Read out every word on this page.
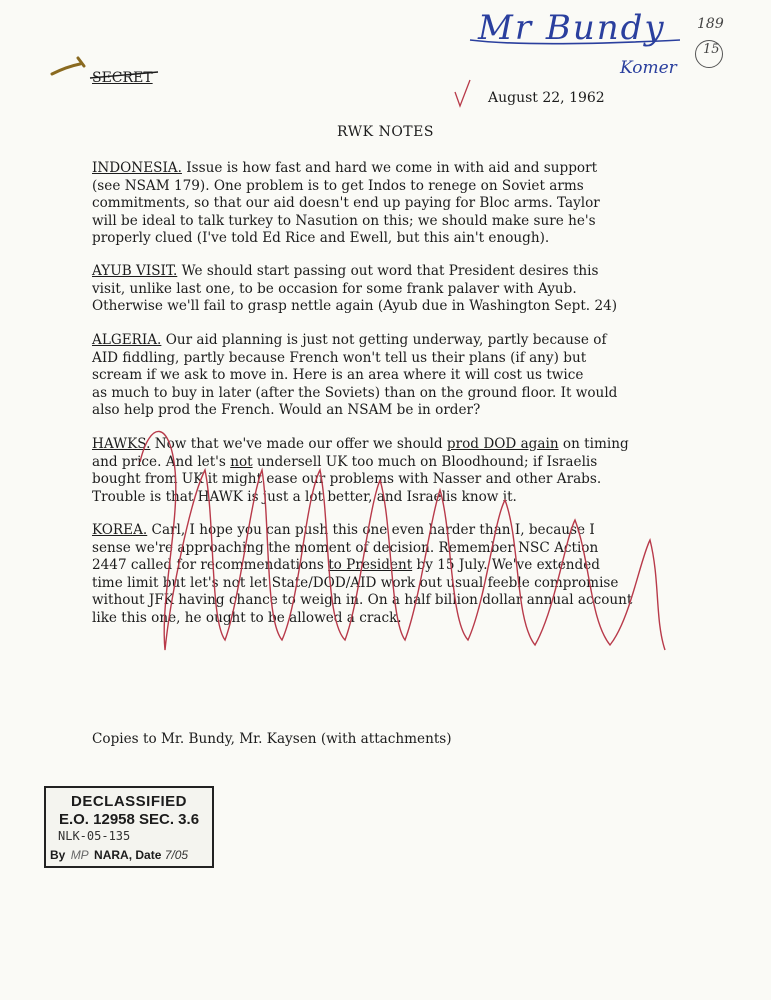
Mr Bundy
Komer
189
15
SECRET
August 22, 1962
RWK NOTES
INDONESIA. Issue is how fast and hard we come in with aid and support
(see NSAM 179). One problem is to get Indos to renege on Soviet arms
commitments, so that our aid doesn't end up paying for Bloc arms. Taylor
will be ideal to talk turkey to Nasution on this; we should make sure he's
properly clued (I've told Ed Rice and Ewell, but this ain't enough).
AYUB VISIT. We should start passing out word that President desires this
visit, unlike last one, to be occasion for some frank palaver with Ayub.
Otherwise we'll fail to grasp nettle again (Ayub due in Washington Sept. 24)
ALGERIA. Our aid planning is just not getting underway, partly because of
AID fiddling, partly because French won't tell us their plans (if any) but
scream if we ask to move in. Here is an area where it will cost us twice
as much to buy in later (after the Soviets) than on the ground floor. It would
also help prod the French. Would an NSAM be in order?
HAWKS. Now that we've made our offer we should prod DOD again on timing
and price. And let's not undersell UK too much on Bloodhound; if Israelis
bought from UK it might ease our problems with Nasser and other Arabs.
Trouble is that HAWK is just a lot better, and Israelis know it.
KOREA. Carl, I hope you can push this one even harder than I, because I
sense we're approaching the moment of decision. Remember NSC Action
2447 called for recommendations to President by 15 July. We've extended
time limit but let's not let State/DOD/AID work out usual feeble compromise
without JFK having chance to weigh in. On a half billion dollar annual account
like this one, he ought to be allowed a crack.
Copies to Mr. Bundy, Mr. Kaysen (with attachments)
DECLASSIFIED
E.O. 12958 SEC. 3.6
NLK-05-135
By MP NARA, Date 7/05
